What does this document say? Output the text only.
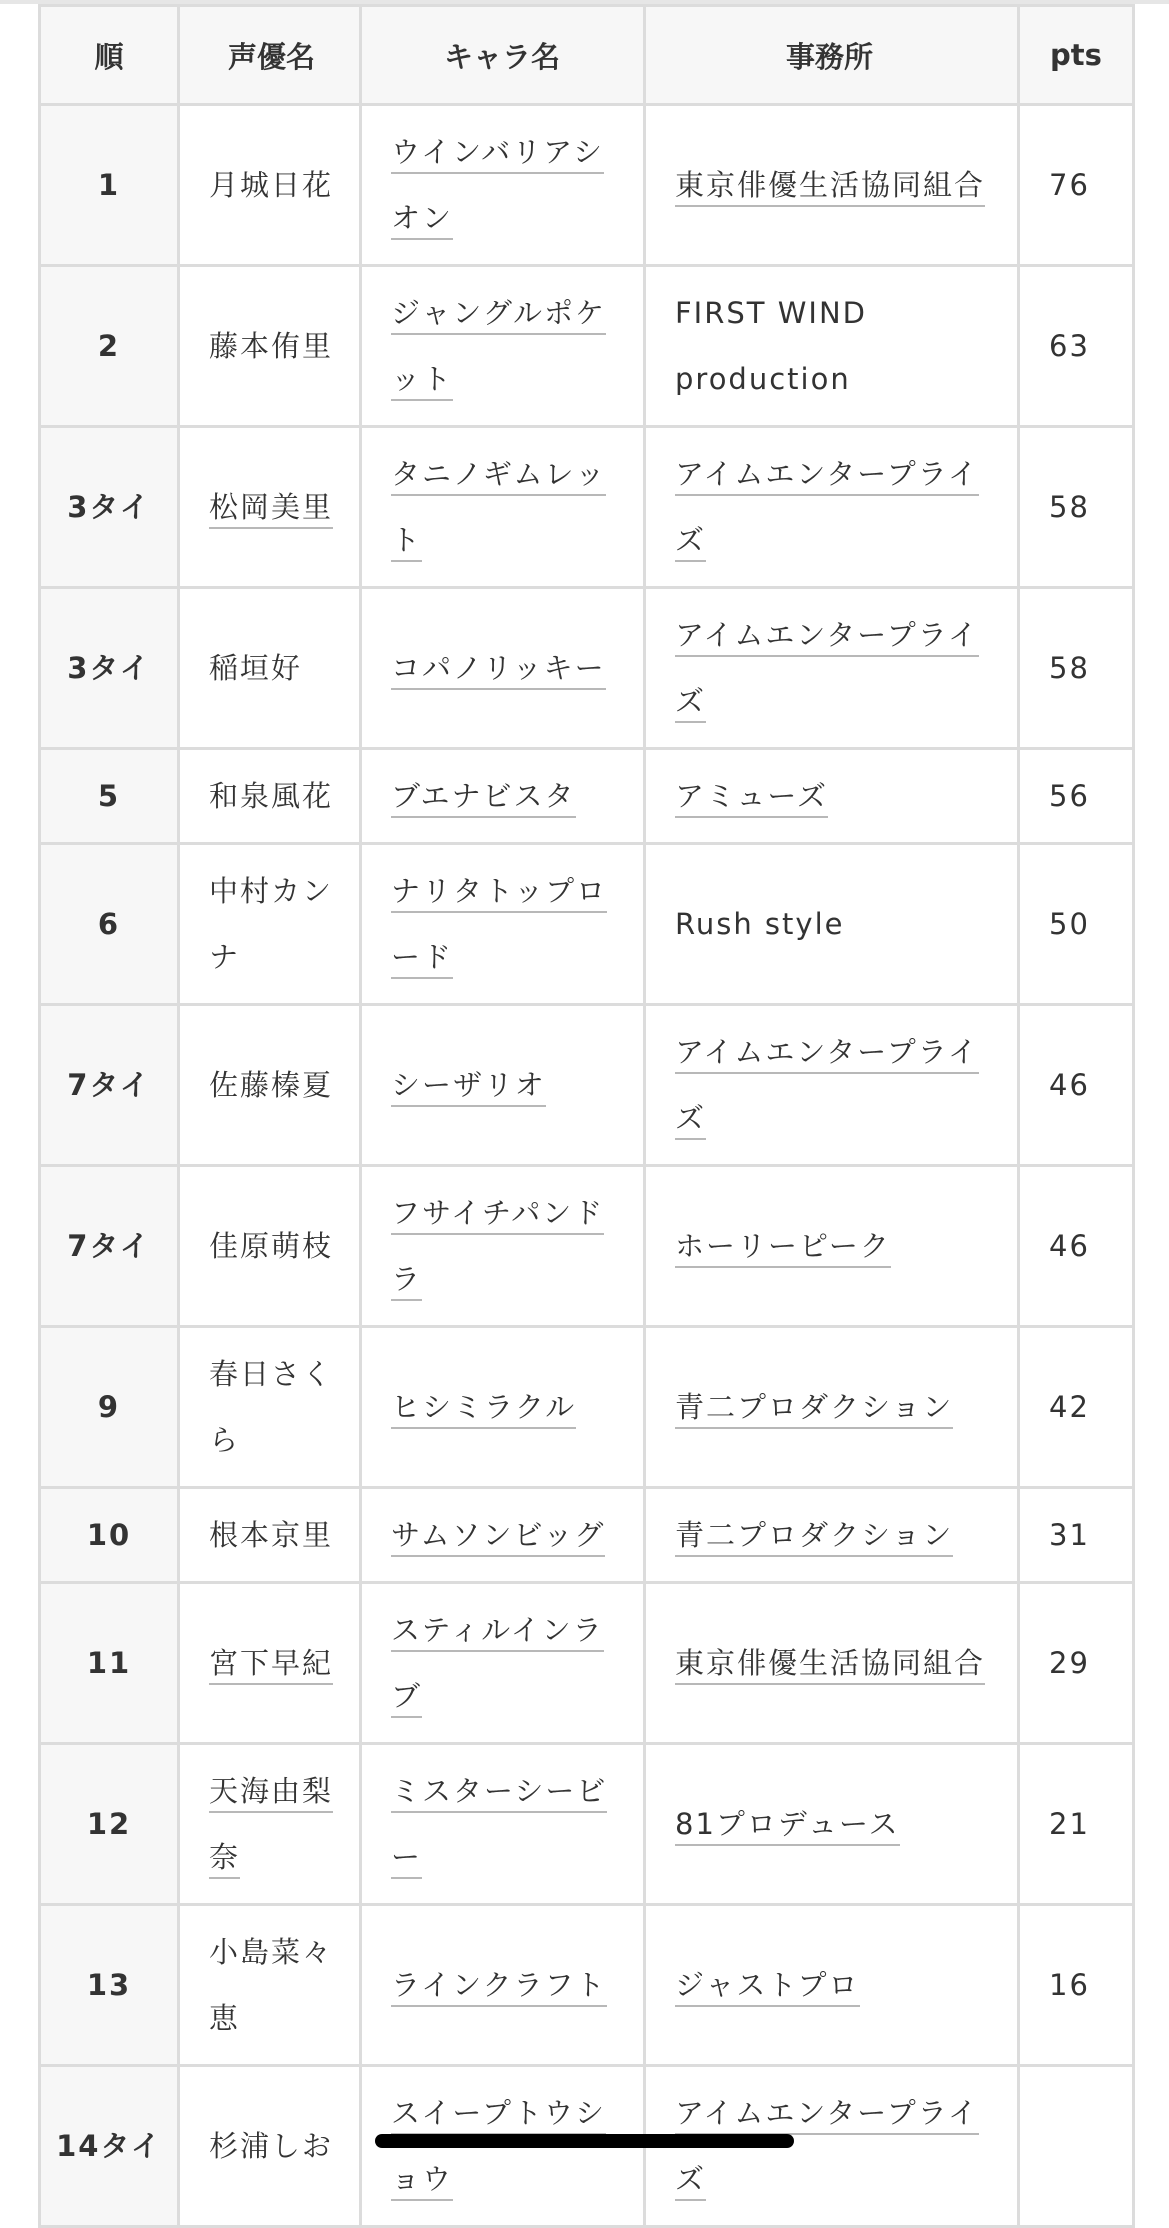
順	声優名	キャラ名	事務所	pts
1	月城日花	ウインバリアシオン	東京俳優生活協同組合	76
2	藤本侑里	ジャングルポケット	FIRST WIND production	63
3タイ	松岡美里	タニノギムレット	アイムエンタープライズ	58
3タイ	稲垣好	コパノリッキー	アイムエンタープライズ	58
5	和泉風花	ブエナビスタ	アミューズ	56
6	中村カンナ	ナリタトップロード	Rush style	50
7タイ	佐藤榛夏	シーザリオ	アイムエンタープライズ	46
7タイ	佳原萌枝	フサイチパンドラ	ホーリーピーク	46
9	春日さくら	ヒシミラクル	青二プロダクション	42
10	根本京里	サムソンビッグ	青二プロダクション	31
11	宮下早紀	スティルインラブ	東京俳優生活協同組合	29
12	天海由梨奈	ミスターシービー	81プロデュース	21
13	小島菜々恵	ラインクラフト	ジャストプロ	16
14タイ	杉浦しお	スイープトウショウ	アイムエンタープライズ	
